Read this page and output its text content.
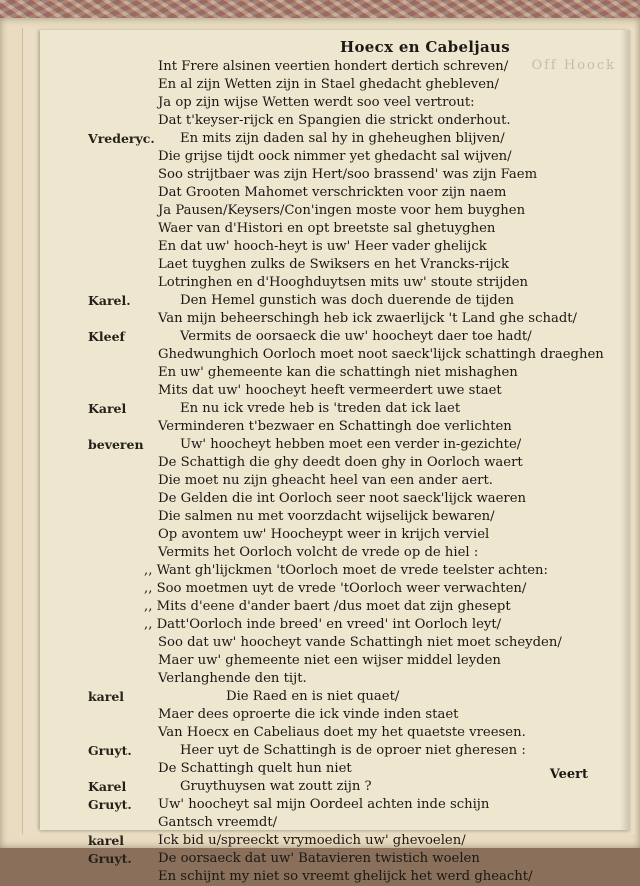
Off Hoock
Hoecx en Cabeljaus
Int Frere alsinen veertien hondert dertich schreven/
En al zijn Wetten zijn in Stael ghedacht ghebleven/
Ja op zijn wijse Wetten werdt soo veel vertrout:
Dat t'keyser-rijck en Spangien die strickt onderhout.
Vrederyc. En mits zijn daden sal hy in gheheughen blijven/
Die grijse tijdt oock nimmer yet ghedacht sal wijven/
Soo strijtbaer was zijn Hert/soo brassend' was zijn Faem
Dat Grooten Mahomet verschrickten voor zijn naem
Ja Pausen/Keysers/Con'ingen moste voor hem buyghen
Waer van d'Histori en opt breetste sal ghetuyghen
En dat uw' hooch-heyt is uw' Heer vader ghelijck
Laet tuyghen zulks de Swiksers en het Vrancks-rijck
Lotringhen en d'Hooghduytsen mits uw' stoute strijden
Karel.	Den Hemel gunstich was doch duerende de tijden
Van mijn beheerschingh heb ick zwaerlijck 't Land ghe schadt/
Kleef	Vermits de oorsaeck die uw' hoocheyt daer toe hadt/
Ghedwunghich Oorloch moet noot saeck'lijck schattingh draeghen
En uw' ghemeente kan die schattingh niet mishaghen
Mits dat uw' hoocheyt heeft vermeerdert uwe staet
Karel	En nu ick vrede heb is 'treden dat ick laet
Verminderen t'bezwaer en Schattingh doe verlichten
beveren	Uw' hoocheyt hebben moet een verder in-gezichte/
De Schattigh die ghy deedt doen ghy in Oorloch waert
Die moet nu zijn gheacht heel van een ander aert.
De Gelden die int Oorloch seer noot saeck'lijck waeren
Die salmen nu met voorzdacht wijselijck bewaren/
Op avontem uw' Hoocheypt weer in krijch verviel
Vermits het Oorloch volcht de vrede op de hiel :
,, Want gh'lijckmen 'tOorloch moet de vrede teelster achten:
,, Soo moetmen uyt de vrede 'tOorloch weer verwachten/
,, Mits d'eene d'ander baert /dus moet dat zijn ghesept
,, Datt'Oorloch inde breed' en vreed' int Oorloch leyt/
Soo dat uw' hoocheyt vande Schattingh niet moet scheyden/
Maer uw' ghemeente niet een wijser middel leyden
Verlanghende den tijt.
karel	Die Raed en is niet quaet/
Maer dees oproerte die ick vinde inden staet
Van Hoecx en Cabeliaus doet my het quaetste vreesen.
Gruyt.	Heer uyt de Schattingh is de oproer niet gheresen :
De Schattingh quelt hun niet
Karel	Gruythuysen wat zoutt zijn ?
Gruyt.	Uw' hoocheyt sal mijn Oordeel achten inde schijn
Gantsch vreemdt/
karel	Ick bid u/spreeckt vrymoedich uw' ghevoelen/
Gruyt.	De oorsaeck dat uw' Batavieren twistich woelen
En schijnt my niet so vreemt ghelijck het werd gheacht/
Veert
